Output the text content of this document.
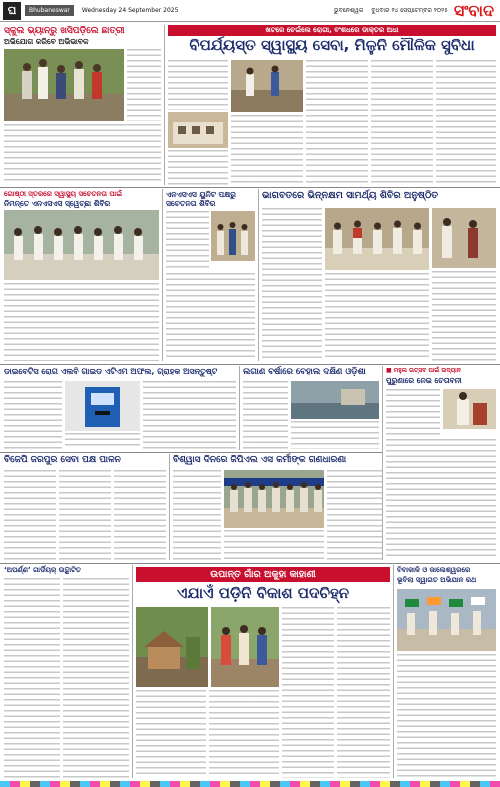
ଘ	Bhubaneswar	Wednesday 24 September 2025	ଭୁବନେଶ୍ୱର ବୁଧବାର ୨୪ ସେପ୍ଟେମ୍ବର ୨୦୨୫ ସଂବାଦ
ସ୍କୁଲ ଭ୍ୟାନ୍‌ରୁ ଖସିପଡ଼ିଲେ ଛାତ୍ରୀ
ଅଭିଯୋଗ କରିବେ ଅଭିଭାବକ
ଖଟରେ ଚେଇଁଲେ ରୋଗୀ, ବଂଶଧରେ ଡାକ୍ତର ଅଧା
ବିପର୍ଯ୍ୟସ୍ତ ସ୍ୱାସ୍ଥ୍ୟ ସେବା, ମିଳୁନି ମୌଳିକ ସୁବିଧା
ଗୋଷ୍ଠୀ ସ୍ତରରେ ସ୍ୱାସ୍ଥ୍ୟ ସଚେତନତା ପାଇଁ
ନିମନ୍ତେ ଏନଏସଏସ ସ୍ୱେଚ୍ଛା ଶିବିର
ଏନଏସଏସ ୟୁନିଟ ପକ୍ଷରୁ
ସଚେତନତା ଶିବିର
ଭାଗବତରେ ଭିନ୍ନକ୍ଷମ ସାମର୍ଥ୍ୟ ଶିବିର ଅନୁଷ୍ଠିତ
ଡାଇବେଟିସ ରୋଗ ଏଲବି ଗାଇଡ ଏଟିଏମ ଅଫଲ, ଗ୍ରାହକ ଅସନ୍ତୁଷ୍ଟ	ଲଗାଣ ବର୍ଷାରେ ବେହାଲ ଦକ୍ଷିଣ ଓଡ଼ିଶା	■ ମହୁଲ ଉତ୍ସବ ପାଇଁ ଉଦ୍ୟାନ
ପୁରୁଣାରେ ନେଇ ଚେତାବନୀ
ବିଜେପି ଜରପୁର ସେବା ପକ୍ଷ ପାଳନ	ବିଶ୍ୱାସ ଦିନରେ ଜିପିଏଲ ଏସ କର୍ମୀଙ୍କ ଗଣଧାରଣା
‘ଅପର୍ଣ୍ଣ’ ଗାର୍ଡିୟର୍ ଉଦ୍ଘାଟିତ	ଉପାନ୍ତ ଗାଁର ଅକୁହା କାହାଣୀ
ଏଯାଏଁ ପଡ଼ିନି ବିକାଶ ପଦଚିହ୍ନ
ବିବାକାଳି ଓ ଜାଲେଶ୍ୱରରେ
ଭୂବିଲା ସ୍ୱାଗତ ଅଭିଯାନ ରଥ
